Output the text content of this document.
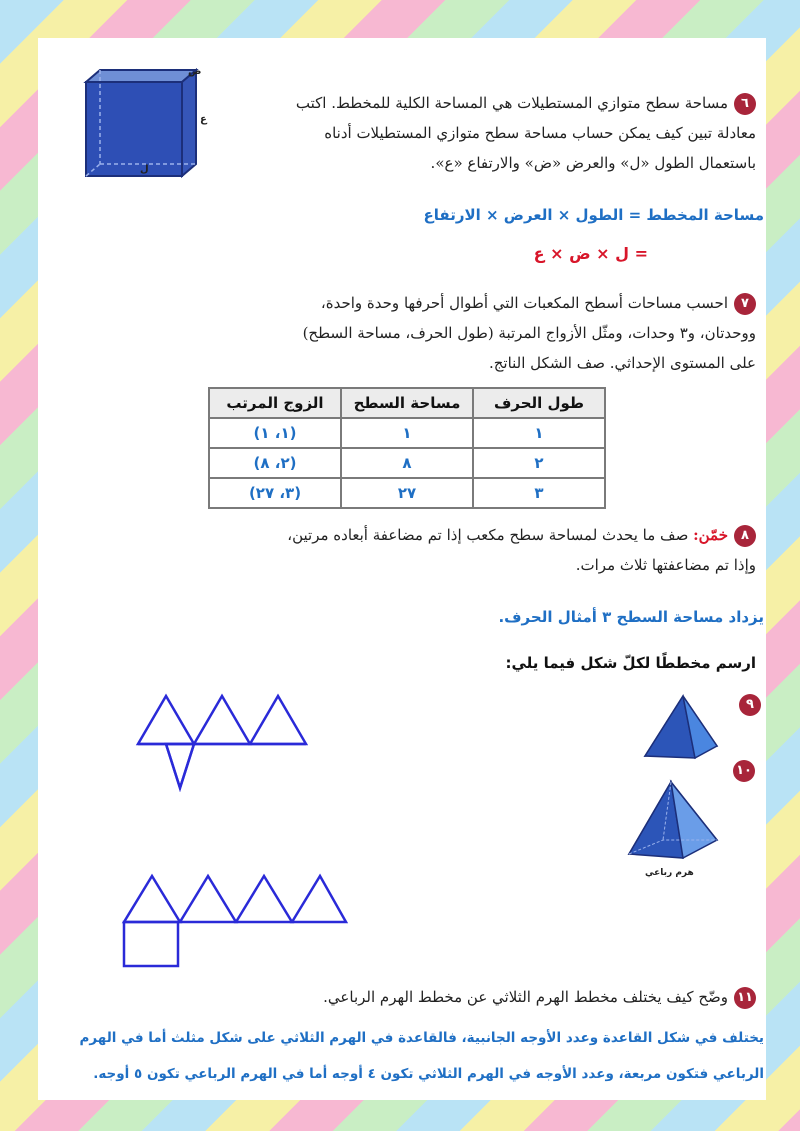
ض
ع
ل
٦مساحة سطح متوازي المستطيلات هي المساحة الكلية للمخطط. اكتب
معادلة تبين كيف يمكن حساب مساحة سطح متوازي المستطيلات أدناه
باستعمال الطول «ل» والعرض «ض» والارتفاع «ع».
مساحة المخطط = الطول × العرض × الارتفاع
= ل × ض × ع
٧احسب مساحات أسطح المكعبات التي أطوال أحرفها وحدة واحدة،
ووحدتان، و٣ وحدات، ومثّل الأزواج المرتبة (طول الحرف، مساحة السطح)
على المستوى الإحداثي. صف الشكل الناتج.
طول الحرف	مساحة السطح	الزوج المرتب
١	١	(١، ١)
٢	٨	(٢، ٨)
٣	٢٧	(٣، ٢٧)
٨خمّن: صف ما يحدث لمساحة سطح مكعب إذا تم مضاعفة أبعاده مرتين،
وإذا تم مضاعفتها ثلاث مرات.
يزداد مساحة السطح ٣ أمثال الحرف.
ارسم مخططًا لكلّ شكل فيما يلي:
٩
١٠
هرم رباعي
١١وضّح كيف يختلف مخطط الهرم الثلاثي عن مخطط الهرم الرباعي.
يختلف في شكل القاعدة وعدد الأوجه الجانبية، فالقاعدة في الهرم الثلاثي على شكل مثلث أما في الهرم
الرباعي فتكون مربعة، وعدد الأوجه في الهرم الثلاثي تكون ٤ أوجه أما في الهرم الرباعي تكون ٥ أوجه.
